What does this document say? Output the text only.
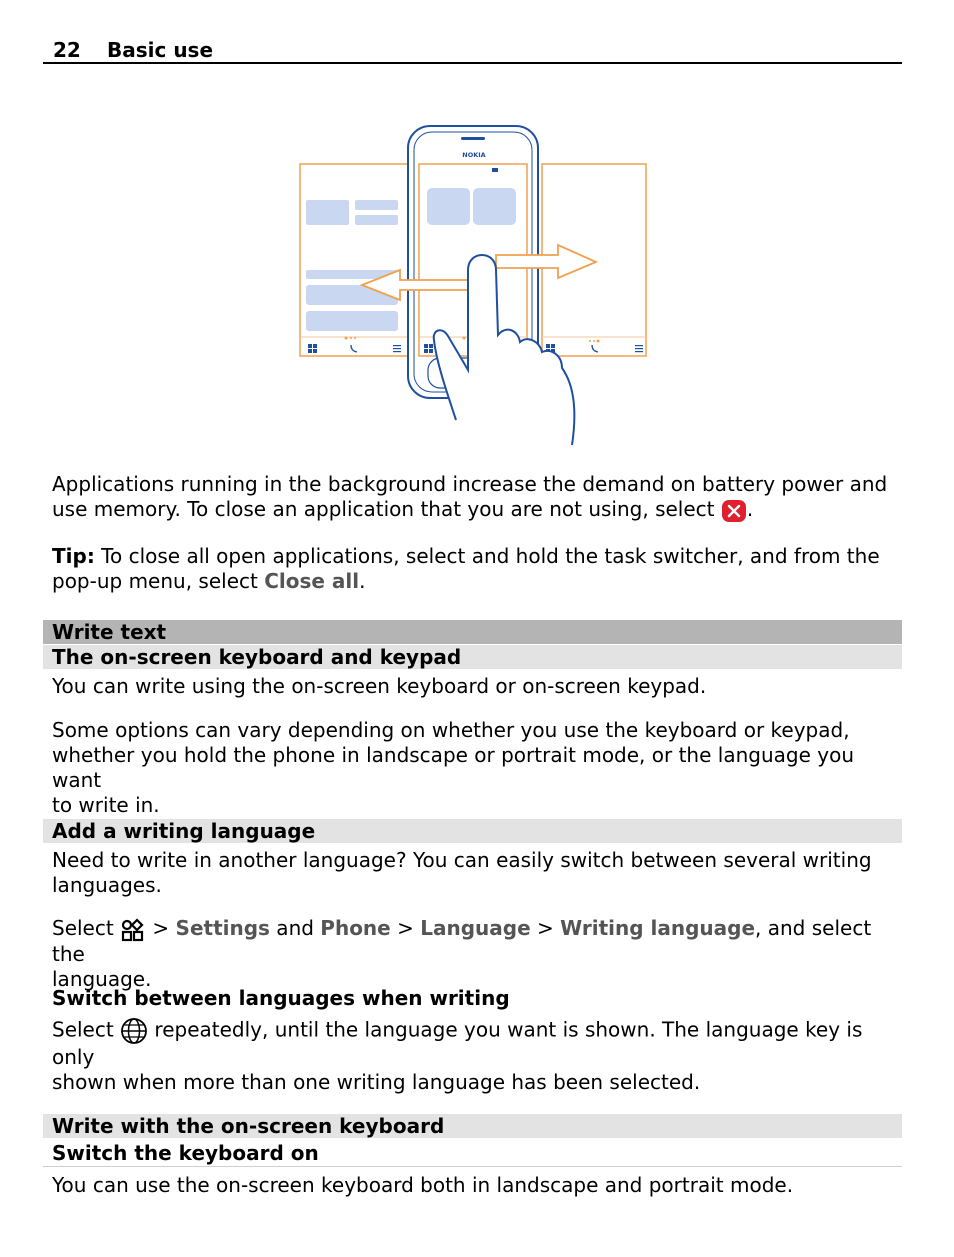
22 Basic use
NOKIA
Applications running in the background increase the demand on battery power and
use memory. To close an application that you are not using, select .
Tip: To close all open applications, select and hold the task switcher, and from the
pop-up menu, select Close all.
Write text
The on-screen keyboard and keypad
You can write using the on-screen keyboard or on-screen keypad.
Some options can vary depending on whether you use the keyboard or keypad,
whether you hold the phone in landscape or portrait mode, or the language you want
to write in.
Add a writing language
Need to write in another language? You can easily switch between several writing
languages.
Select  > Settings and Phone > Language > Writing language, and select the
language.
Switch between languages when writing
Select  repeatedly, until the language you want is shown. The language key is only
shown when more than one writing language has been selected.
Write with the on-screen keyboard
Switch the keyboard on
You can use the on-screen keyboard both in landscape and portrait mode.
